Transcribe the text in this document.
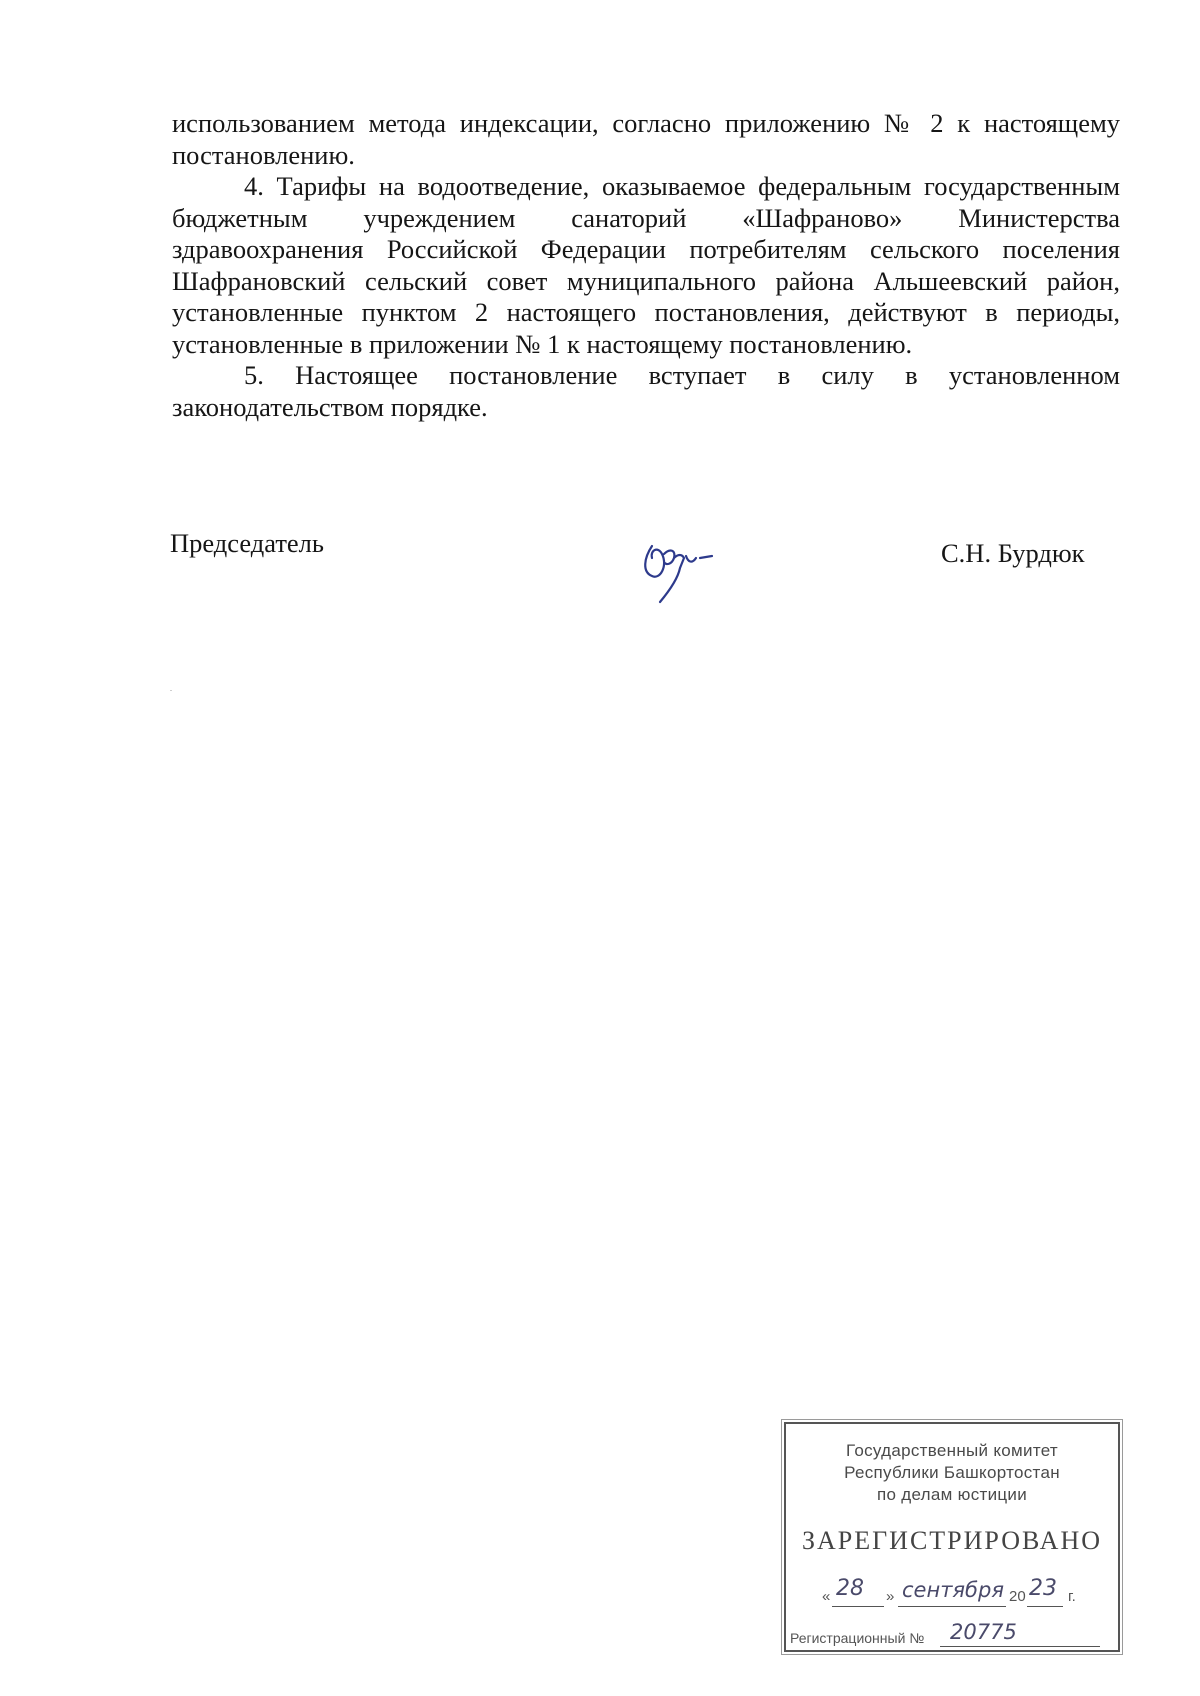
использованием метода индексации, согласно приложению № 2 к настоящему постановлению.

4. Тарифы на водоотведение, оказываемое федеральным государственным бюджетным учреждением санаторий «Шафраново» Министерства здравоохранения Российской Федерации потребителям сельского поселения Шафрановский сельский совет муниципального района Альшеевский район, установленные пунктом 2 настоящего постановления, действуют в периоды, установленные в приложении № 1 к настоящему постановлению.

5. Настоящее постановление вступает в силу в установленном законодательством порядке.

Председатель	С.Н. Бурдюк
Государственный комитет
Республики Башкортостан
по делам юстиции
ЗАРЕГИСТРИРОВАНО
« 28 » сентября 20 23 г.
Регистрационный № 20775
